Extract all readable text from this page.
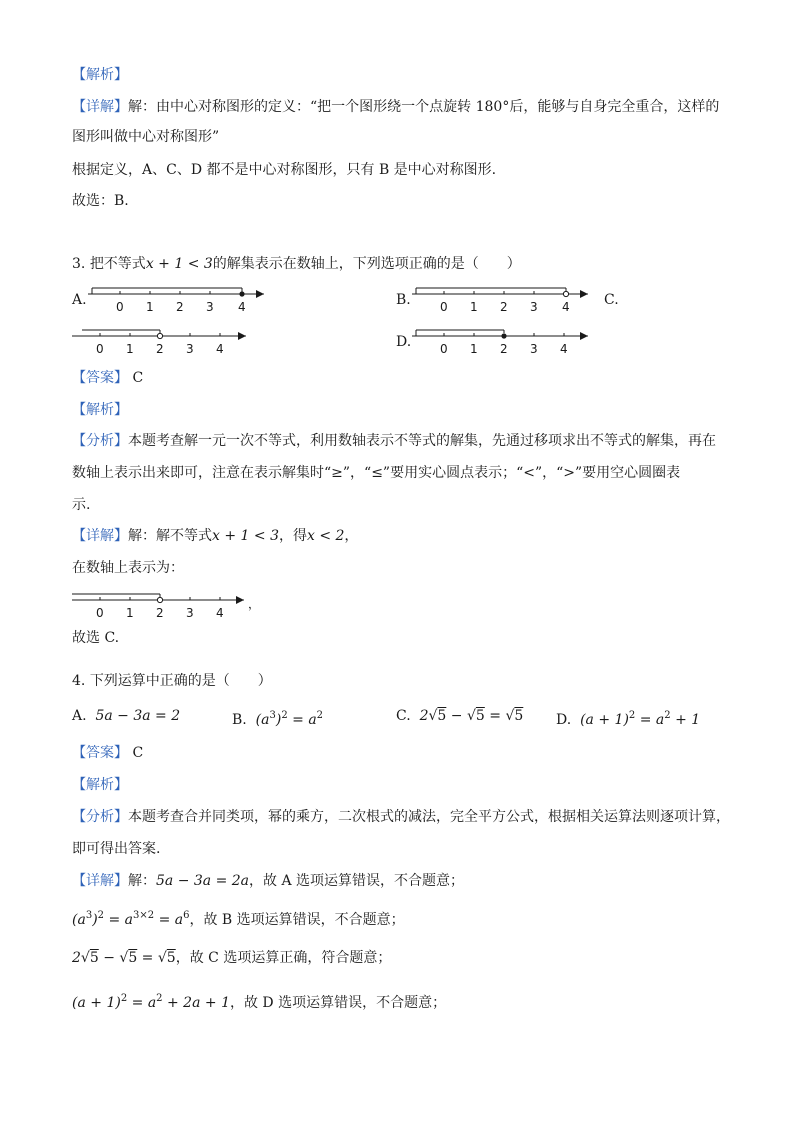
【解析】
【详解】解：由中心对称图形的定义：“把一个图形绕一个点旋转 180°后，能够与自身完全重合，这样的
图形叫做中心对称图形”
根据定义，A、C、D 都不是中心对称图形，只有 B 是中心对称图形.
故选：B.
3. 把不等式x + 1 < 3的解集表示在数轴上，下列选项正确的是（　　）
A. 0 1 2 3 4	B. 0 1 2 3 4 C.
0 1 2 3 4	D. 0 1 2 3 4
【答案】 C
【解析】
【分析】本题考查解一元一次不等式，利用数轴表示不等式的解集，先通过移项求出不等式的解集，再在
数轴上表示出来即可，注意在表示解集时“≥”，“≤”要用实心圆点表示；“<”，“>”要用空心圆圈表
示.
【详解】解：解不等式x + 1 < 3，得x < 2，
在数轴上表示为：
0 1 2 3 4
，
故选 C.
4. 下列运算中正确的是（　　）
A. 5a − 3a = 2	B. $(a^3)^2 = a^2$	C. 2√5 − √5 = √5 D. $(a + 1)^2 = a^2 + 1$
【答案】 C
【解析】
【分析】本题考查合并同类项，幂的乘方，二次根式的减法，完全平方公式，根据相关运算法则逐项计算，
即可得出答案.
【详解】解：5a − 3a = 2a，故 A 选项运算错误，不合题意；
$(a^3)^2 = a^{3\times 2} = a^6$，故 B 选项运算错误，不合题意；
2√5 − √5 = √5，故 C 选项运算正确，符合题意；
$(a + 1)^2 = a^2 + 2a + 1$，故 D 选项运算错误，不合题意；
